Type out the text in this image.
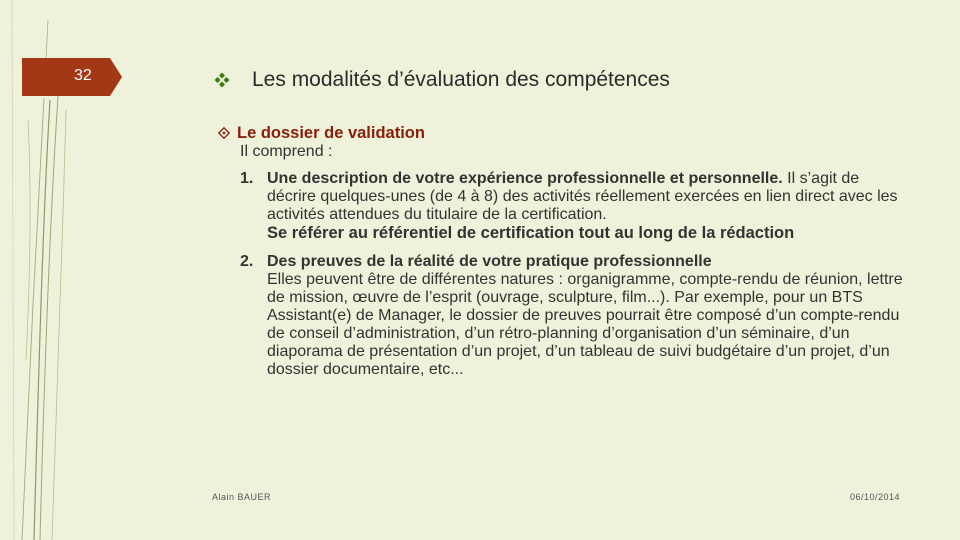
32	Les modalités d’évaluation des compétences
Le dossier de validation
Il comprend :
1. Une description de votre expérience professionnelle et personnelle. Il s’agit de décrire quelques-unes (de 4 à 8) des activités réellement exercées en lien direct avec les activités attendues du titulaire de la certification.
Se référer au référentiel de certification tout au long de la rédaction
2. Des preuves de la réalité de votre pratique professionnelle
Elles peuvent être de différentes natures : organigramme, compte-rendu de réunion, lettre de mission, œuvre de l’esprit (ouvrage, sculpture, film...). Par exemple, pour un BTS Assistant(e) de Manager, le dossier de preuves pourrait être composé d’un compte-rendu de conseil d’administration, d’un rétro-planning d’organisation d’un séminaire, d’un diaporama de présentation d’un projet, d’un tableau de suivi budgétaire d’un projet, d’un dossier documentaire, etc...
Alain BAUER	06/10/2014
